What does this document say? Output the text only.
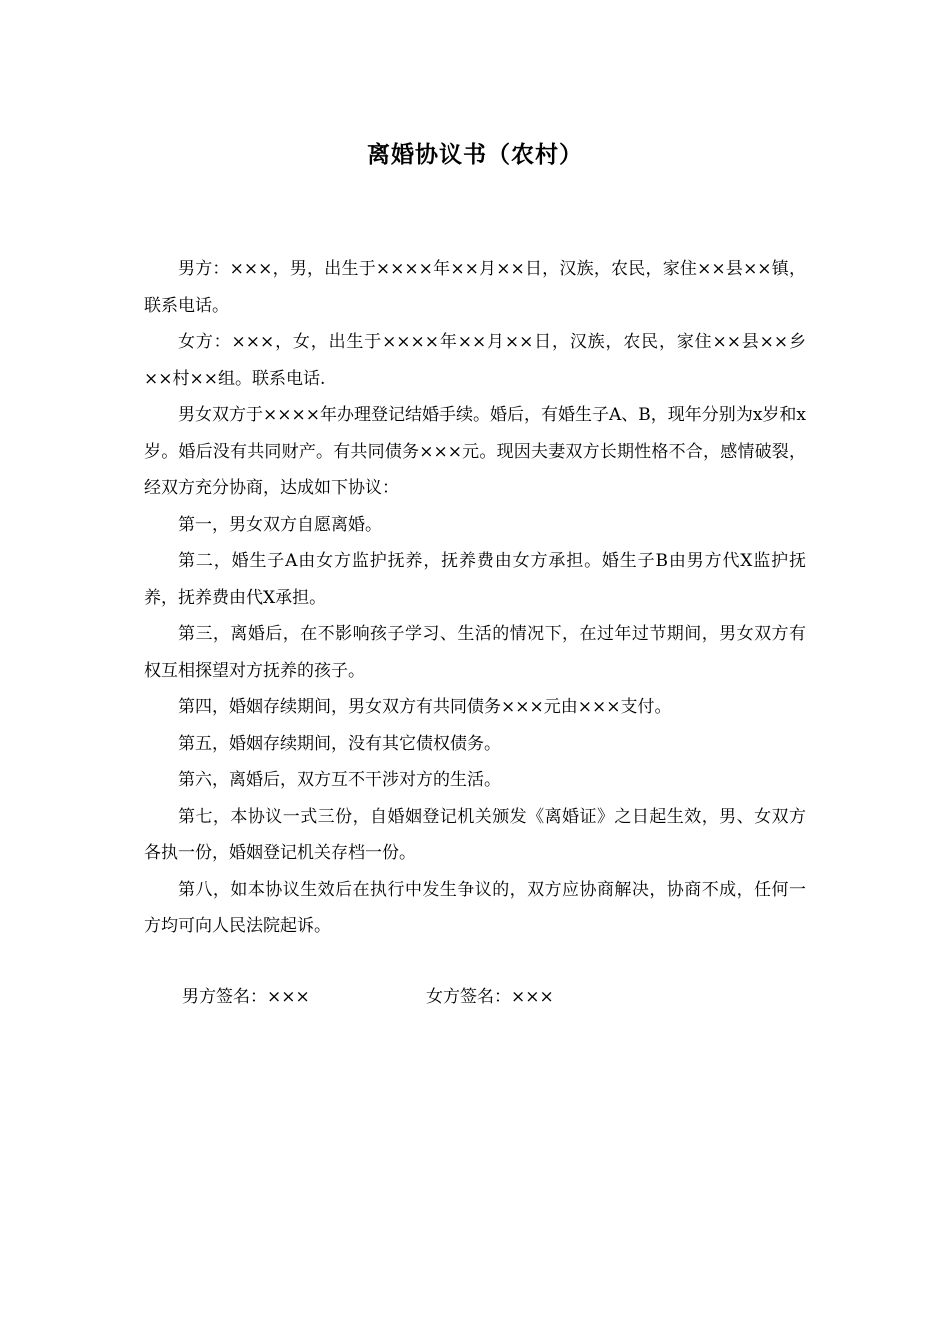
离婚协议书（农村）

男方：×××，男，出生于××××年××月××日，汉族，农民，家住××县××镇，联系电话。

女方：×××，女，出生于××××年××月××日，汉族，农民，家住××县××乡××村××组。联系电话.

男女双方于××××年办理登记结婚手续。婚后，有婚生子A、B，现年分别为x岁和x岁。婚后没有共同财产。有共同债务×××元。现因夫妻双方长期性格不合，感情破裂，经双方充分协商，达成如下协议：

第一，男女双方自愿离婚。

第二，婚生子A由女方监护抚养，抚养费由女方承担。婚生子B由男方代X监护抚养，抚养费由代X承担。

第三，离婚后，在不影响孩子学习、生活的情况下，在过年过节期间，男女双方有权互相探望对方抚养的孩子。

第四，婚姻存续期间，男女双方有共同债务×××元由×××支付。

第五，婚姻存续期间，没有其它债权债务。

第六，离婚后，双方互不干涉对方的生活。

第七，本协议一式三份，自婚姻登记机关颁发《离婚证》之日起生效，男、女双方各执一份，婚姻登记机关存档一份。

第八，如本协议生效后在执行中发生争议的，双方应协商解决，协商不成，任何一方均可向人民法院起诉。

男方签名：×××	女方签名：×××
